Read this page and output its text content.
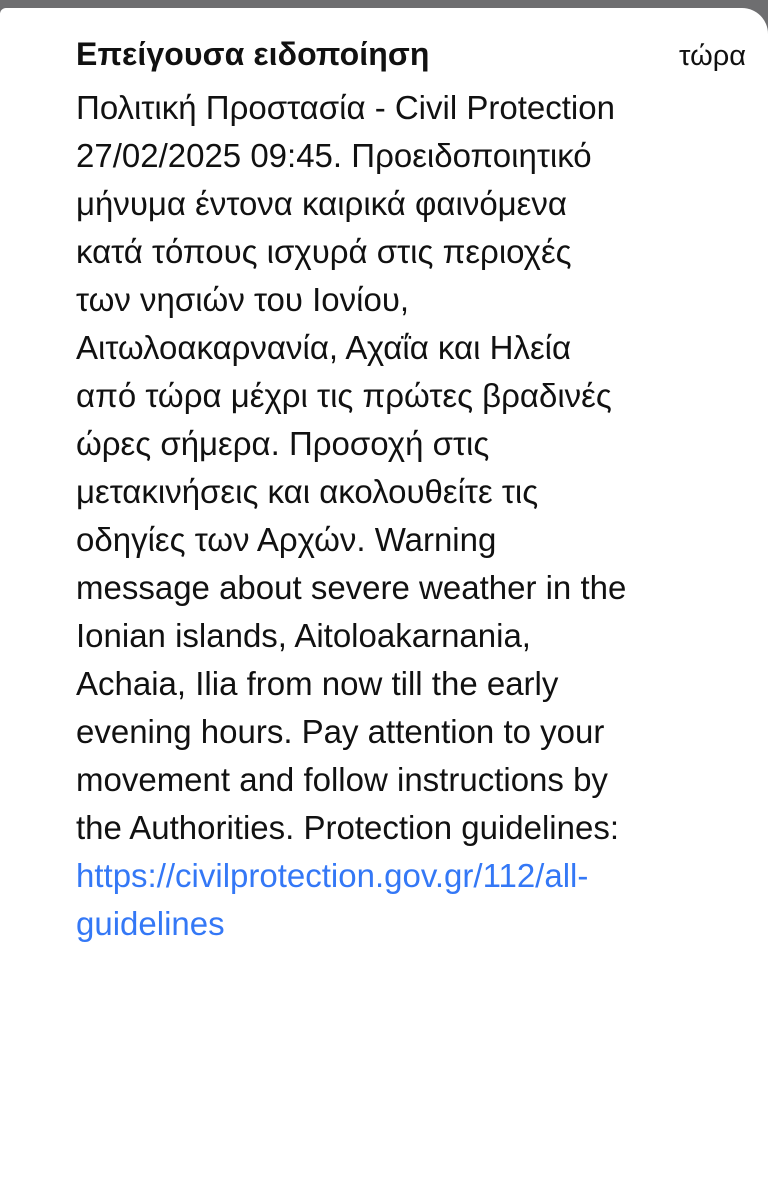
Επείγουσα ειδοποίηση	τώρα
Πολιτική Προστασία - Civil Protection
27/02/2025 09:45. Προειδοποιητικό
μήνυμα έντονα καιρικά φαινόμενα
κατά τόπους ισχυρά στις περιοχές
των νησιών του Ιονίου,
Αιτωλοακαρνανία, Αχαΐα και Ηλεία
από τώρα μέχρι τις πρώτες βραδινές
ώρες σήμερα. Προσοχή στις
μετακινήσεις και ακολουθείτε τις
οδηγίες των Αρχών. Warning
message about severe weather in the
Ionian islands, Aitoloakarnania,
Achaia, Ilia from now till the early
evening hours. Pay attention to your
movement and follow instructions by
the Authorities. Protection guidelines:
https://civilprotection.gov.gr/112/all-
guidelines
